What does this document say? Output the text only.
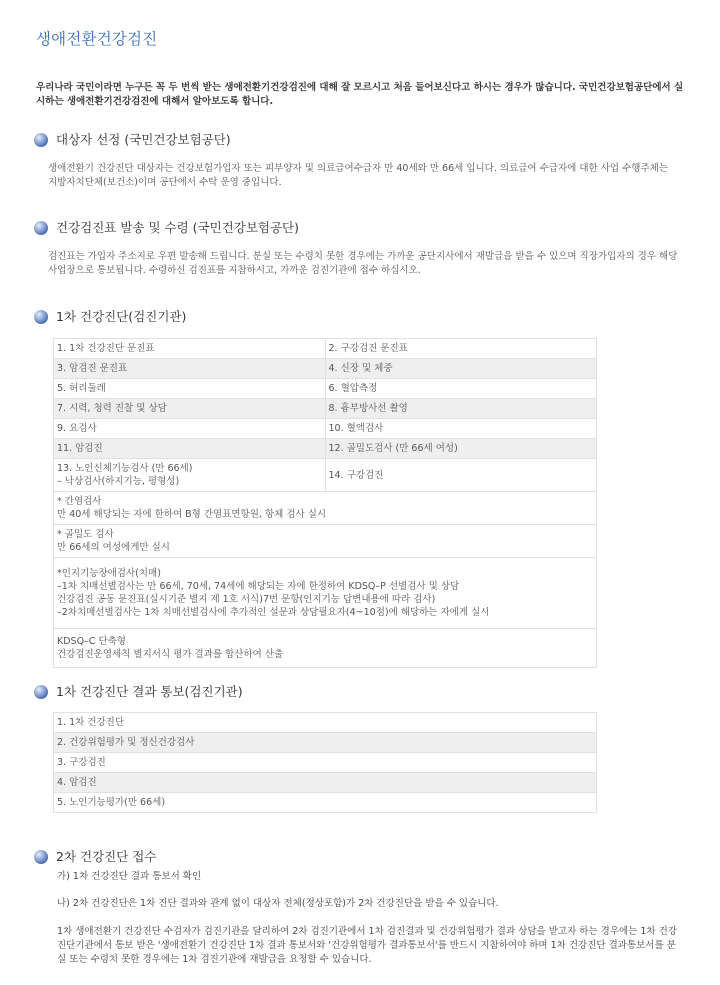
생애전환건강검진
우리나라 국민이라면 누구든 꼭 두 번씩 받는 생애전환기건강검진에 대해 잘 모르시고 처음 들어보신다고 하시는 경우가 많습니다. 국민건강보험공단에서 실시하는 생애전환기건강검진에 대해서 알아보도록 합니다.
대상자 선정 (국민건강보험공단)
생애전환기 건강진단 대상자는 건강보험가입자 또는 피부양자 및 의료급여수급자 만 40세와 만 66세 입니다. 의료급여 수급자에 대한 사업 수행주체는 지방자치단체(보건소)이며 공단에서 수탁 운영 중입니다.
건강검진표 발송 및 수령 (국민건강보험공단)
검진표는 가입자 주소지로 우편 발송해 드립니다. 분실 또는 수령치 못한 경우에는 가까운 공단지사에서 재발급을 받을 수 있으며 직장가입자의 경우 해당 사업장으로 통보됩니다. 수령하신 검진표를 지참하시고, 가까운 검진기관에 접수 하십시오.
1차 건강진단(검진기관)
1. 1차 건강진단 문진표	2. 구강검진 문진표
3. 암검진 문진표	4. 신장 및 체중
5. 허리둘레	6. 혈압측정
7. 시력, 청력 진찰 및 상담	8. 흉부방사선 촬영
9. 요검사	10. 혈액검사
11. 암검진	12. 골밀도검사 (만 66세 여성)

13. 노인신체기능검사 (만 66세)
– 낙상검사(하지기능, 평형성)	14. 구강검진

* 간염검사
만 40세 해당되는 자에 한하여 B형 간염표면항원, 항체 검사 실시	

* 골밀도 검사
만 66세의 여성에게만 실시	

*인지기능장애검사(치매)
–1차 치매선별검사는 만 66세, 70세, 74세에 해당되는 자에 한정하여 KDSQ–P 선별검사 및 상담
건강검진 공동 문진표(실시기준 별지 제 1호 서식)7번 문항(인지기능 답변내용에 따라 검사)
–2차치매선별검사는 1차 치매선별검사에 추가적인 설문과 상담필요자(4~10점)에 해당하는 자에게 실시	

KDSQ–C 단축형
건강검진운영세칙 별지서식 평가 결과를 합산하여 산출	
1차 건강진단 결과 통보(검진기관)
1. 1차 건강진단
2. 건강위험평가 및 정신건강검사
3. 구강검진
4. 암검진
5. 노인기능평가(만 66세)
2차 건강진단 접수
가) 1차 건강진단 결과 통보서 확인
나) 2차 건강진단은 1차 진단 결과와 관계 없이 대상자 전체(정상포함)가 2차 건강진단을 받을 수 있습니다.
1차 생애전환기 건강진단 수검자가 검진기관을 달리하여 2차 검진기관에서 1차 검진결과 및 건강위험평가 결과 상담을 받고자 하는 경우에는 1차 건강진단기관에서 통보 받은 '생애전환기 건강진단 1차 결과 통보서와 '건강위험평가 결과통보서'를 반드시 지참하여야 하며 1차 건강진단 결과통보서를 분실 또는 수령치 못한 경우에는 1차 검진기관에 재발급을 요청할 수 있습니다.
